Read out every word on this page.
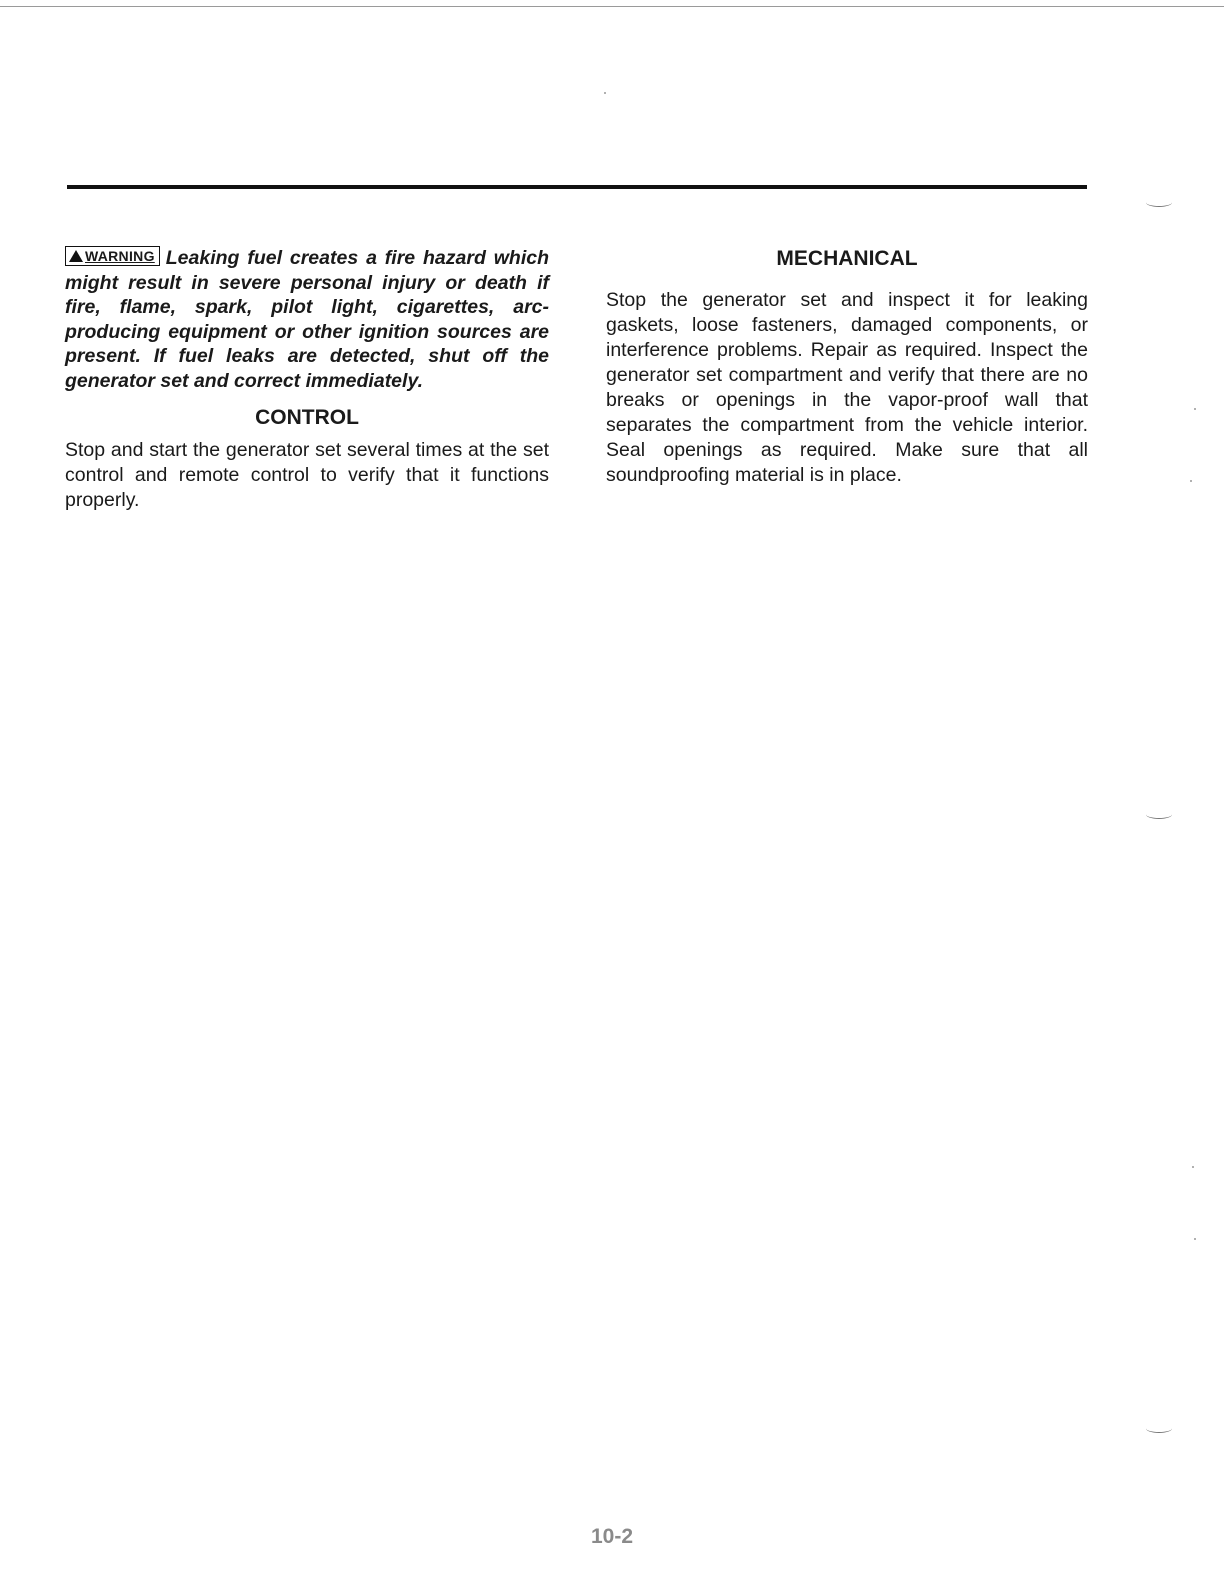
WARNING Leaking fuel creates a fire hazard which might result in severe personal injury or death if fire, flame, spark, pilot light, cigarettes, arc-producing equipment or other ignition sources are present. If fuel leaks are detected, shut off the generator set and correct immediately.

CONTROL

Stop and start the generator set several times at the set control and remote control to verify that it functions properly.

MECHANICAL

Stop the generator set and inspect it for leaking gaskets, loose fasteners, damaged components, or interference problems. Repair as required. Inspect the generator set compartment and verify that there are no breaks or openings in the vapor-proof wall that separates the compartment from the vehicle interior. Seal openings as required. Make sure that all soundproofing material is in place.

10-2
